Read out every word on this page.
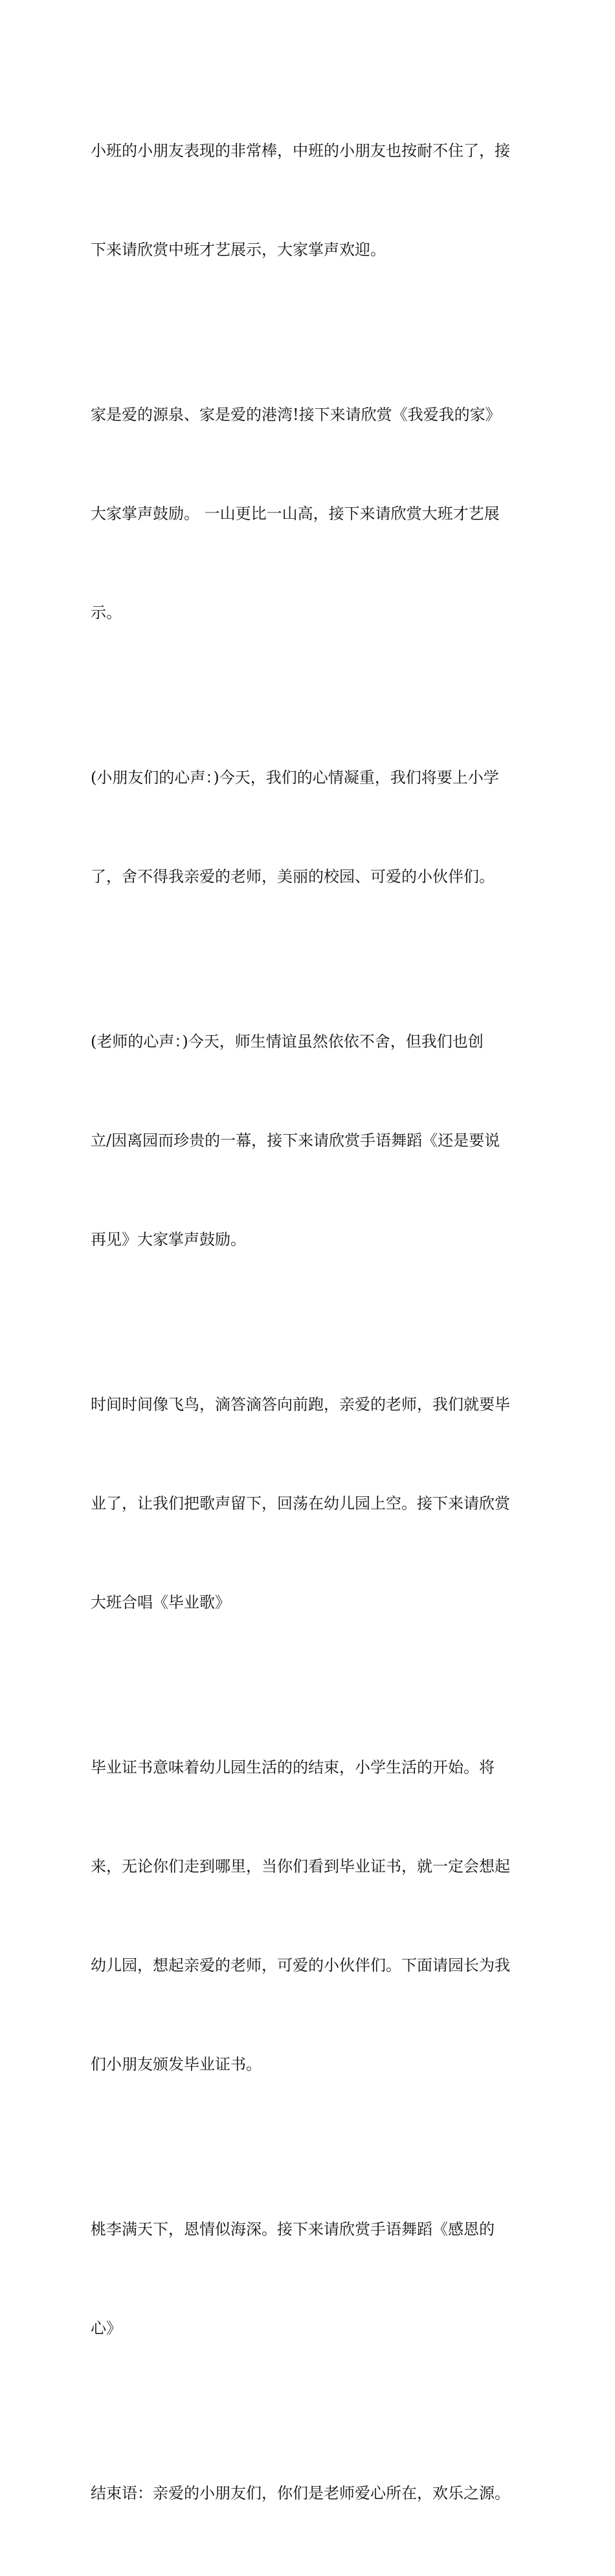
小班的小朋友表现的非常棒，中班的小朋友也按耐不住了，接

下来请欣赏中班才艺展示，大家掌声欢迎。

家是爱的源泉、家是爱的港湾!接下来请欣赏《我爱我的家》

大家掌声鼓励。 一山更比一山高，接下来请欣赏大班才艺展

示。

(小朋友们的心声：)今天，我们的心情凝重，我们将要上小学

了，舍不得我亲爱的老师，美丽的校园、可爱的小伙伴们。

(老师的心声：)今天，师生情谊虽然依依不舍，但我们也创

立/因离园而珍贵的一幕，接下来请欣赏手语舞蹈《还是要说

再见》大家掌声鼓励。

时间时间像飞鸟，滴答滴答向前跑，亲爱的老师，我们就要毕

业了，让我们把歌声留下，回荡在幼儿园上空。接下来请欣赏

大班合唱《毕业歌》

毕业证书意味着幼儿园生活的的结束，小学生活的开始。将

来，无论你们走到哪里，当你们看到毕业证书，就一定会想起

幼儿园，想起亲爱的老师，可爱的小伙伴们。下面请园长为我

们小朋友颁发毕业证书。

桃李满天下，恩情似海深。接下来请欣赏手语舞蹈《感恩的

心》

结束语：亲爱的小朋友们，你们是老师爱心所在，欢乐之源。
